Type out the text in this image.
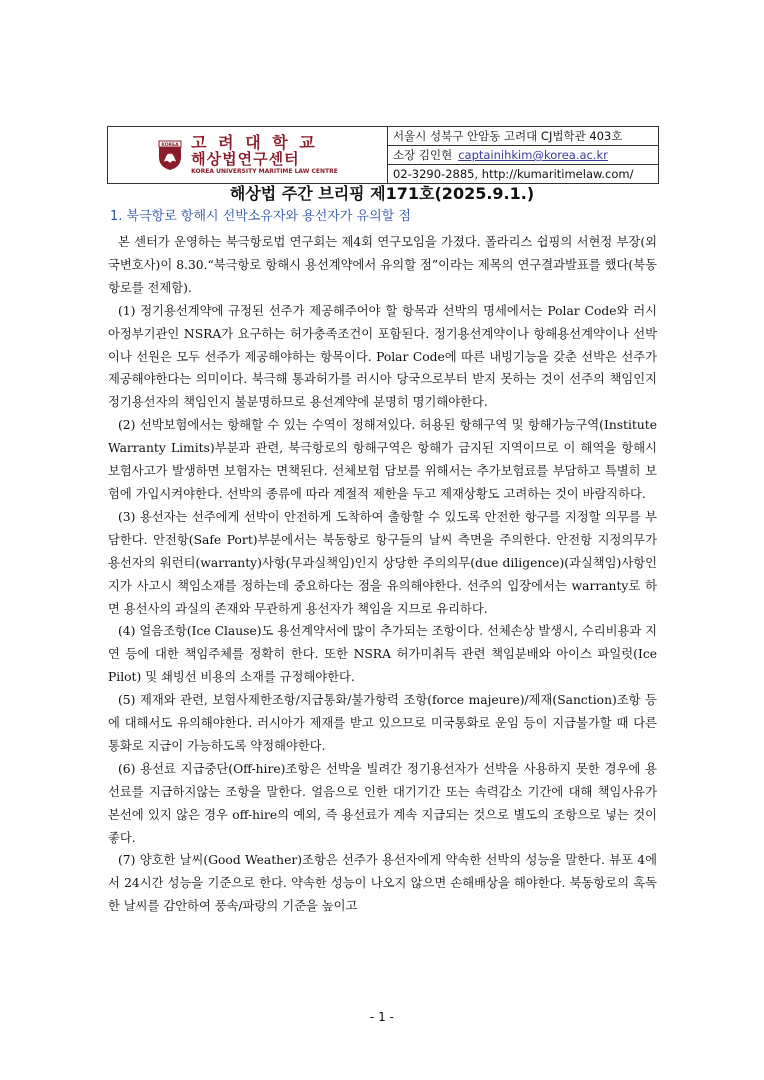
KOREA 고 려 대 학 교
해상법연구센터
KOREA UNIVERSITY MARITIME LAW CENTRE
서울시 성북구 안암동 고려대 CJ법학관 403호
소장 김인현 captainihkim@korea.ac.kr
02-3290-2885, http://kumaritimelaw.com/
해상법 주간 브리핑 제171호(2025.9.1.)
1. 북극항로 항해시 선박소유자와 용선자가 유의할 점

본 센터가 운영하는 북극항로법 연구회는 제4회 연구모임을 가졌다. 폴라리스 쉽핑의 서현정 부장(외국변호사)이 8.30.“북극항로 항해시 용선계약에서 유의할 점”이라는 제목의 연구결과발표를 했다(북동항로를 전제함).

(1) 정기용선계약에 규정된 선주가 제공해주어야 할 항목과 선박의 명세에서는 Polar Code와 러시아정부기관인 NSRA가 요구하는 허가충족조건이 포함된다. 정기용선계약이나 항해용선계약이나 선박이나 선원은 모두 선주가 제공해야하는 항목이다. Polar Code에 따른 내빙기능을 갖춘 선박은 선주가 제공해야한다는 의미이다. 북극해 통과허가를 러시아 당국으로부터 받지 못하는 것이 선주의 책임인지 정기용선자의 책임인지 불분명하므로 용선계약에 분명히 명기해야한다.

(2) 선박보험에서는 항해할 수 있는 수역이 정해져있다. 허용된 항해구역 및 항해가능구역(Institute Warranty Limits)부분과 관련, 북극항로의 항해구역은 항해가 금지된 지역이므로 이 해역을 항해시 보험사고가 발생하면 보험자는 면책된다. 선체보험 담보를 위해서는 추가보험료를 부담하고 특별히 보험에 가입시켜야한다. 선박의 종류에 따라 계절적 제한을 두고 제재상황도 고려하는 것이 바람직하다.

(3) 용선자는 선주에게 선박이 안전하게 도착하여 출항할 수 있도록 안전한 항구를 지정할 의무를 부담한다. 안전항(Safe Port)부분에서는 북동항로 항구들의 날씨 측면을 주의한다. 안전항 지정의무가 용선자의 워런티(warranty)사항(무과실책임)인지 상당한 주의의무(due diligence)(과실책임)사항인지가 사고시 책임소재를 정하는데 중요하다는 점을 유의해야한다. 선주의 입장에서는 warranty로 하면 용선사의 과실의 존재와 무관하게 용선자가 책임을 지므로 유리하다.

(4) 얼음조항(Ice Clause)도 용선계약서에 많이 추가되는 조항이다. 선체손상 발생시, 수리비용과 지연 등에 대한 책임주체를 정확히 한다. 또한 NSRA 허가미취득 관련 책임분배와 아이스 파일럿(Ice Pilot) 및 쇄빙선 비용의 소재를 규정해야한다.

(5) 제재와 관련, 보험사제한조항/지급통화/불가항력 조항(force majeure)/제재(Sanction)조항 등에 대해서도 유의해야한다. 러시아가 제재를 받고 있으므로 미국통화로 운임 등이 지급불가할 때 다른 통화로 지급이 가능하도록 약정해야한다.

(6) 용선료 지급중단(Off-hire)조항은 선박을 빌려간 정기용선자가 선박을 사용하지 못한 경우에 용선료를 지급하지않는 조항을 말한다. 얼음으로 인한 대기기간 또는 속력감소 기간에 대해 책임사유가 본선에 있지 않은 경우 off-hire의 예외, 즉 용선료가 계속 지급되는 것으로 별도의 조항으로 넣는 것이 좋다.

(7) 양호한 날씨(Good Weather)조항은 선주가 용선자에게 약속한 선박의 성능을 말한다. 뷰포 4에서 24시간 성능을 기준으로 한다. 약속한 성능이 나오지 않으면 손해배상을 해야한다. 북동항로의 혹독한 날씨를 감안하여 풍속/파랑의 기준을 높이고

- 1 -
